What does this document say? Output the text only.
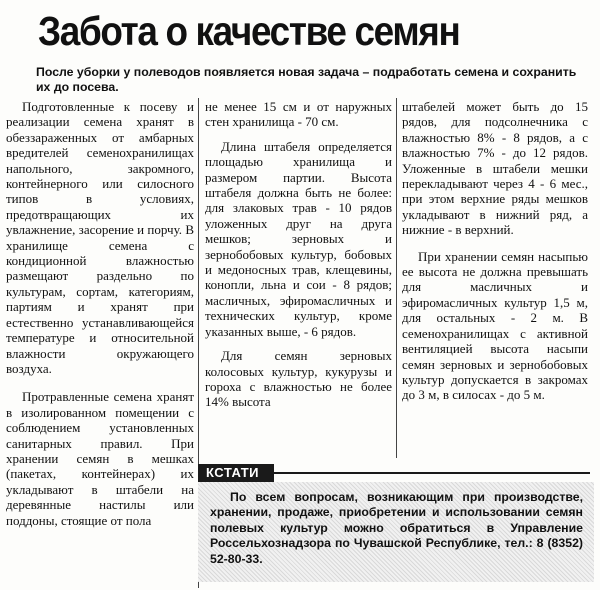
Забота о качестве семян

После уборки у полеводов появляется новая задача – подработать семена и сохранить их до посева.

Подготовленные к посеву и реализации семена хранят в обеззараженных от амбарных вредителей семенохранилищах напольного, закромного, контейнерного или силосного типов в условиях, предотвращающих их увлажнение, засорение и порчу. В хранилище семена с кондиционной влажностью размещают раздельно по культурам, сортам, категориям, партиям и хранят при естественно устанавливающейся температуре и относительной влажности окружающего воздуха.

Протравленные семена хранят в изолированном помещении с соблюдением установленных санитарных правил. При хранении семян в мешках (пакетах, контейнерах) их укладывают в штабели на деревянные настилы или поддоны, стоящие от пола

не менее 15 см и от наружных стен хранилища - 70 см.

Длина штабеля определяется площадью хранилища и размером партии. Высота штабеля должна быть не более: для злаковых трав - 10 рядов уложенных друг на друга мешков; зерновых и зернобобовых культур, бобовых и медоносных трав, клещевины, конопли, льна и сои - 8 рядов; масличных, эфиромасличных и технических культур, кроме указанных выше, - 6 рядов.

Для семян зерновых колосовых культур, кукурузы и гороха с влажностью не более 14% высота

штабелей может быть до 15 рядов, для подсолнечника с влажностью 8% - 8 рядов, а с влажностью 7% - до 12 рядов. Уложенные в штабели мешки перекладывают через 4 - 6 мес., при этом верхние ряды мешков укладывают в нижний ряд, а нижние - в верхний.

При хранении семян насыпью ее высота не должна превышать для масличных и эфиромасличных культур 1,5 м, для остальных - 2 м. В семенохранилищах с активной вентиляцией высота насыпи семян зерновых и зернобобовых культур допускается в закромах до 3 м, в силосах - до 5 м.

КСТАТИ

По всем вопросам, возникающим при производстве, хранении, продаже, приобретении и использовании семян полевых культур можно обратиться в Управление Россельхознадзора по Чувашской Республике, тел.: 8 (8352) 52-80-33.
